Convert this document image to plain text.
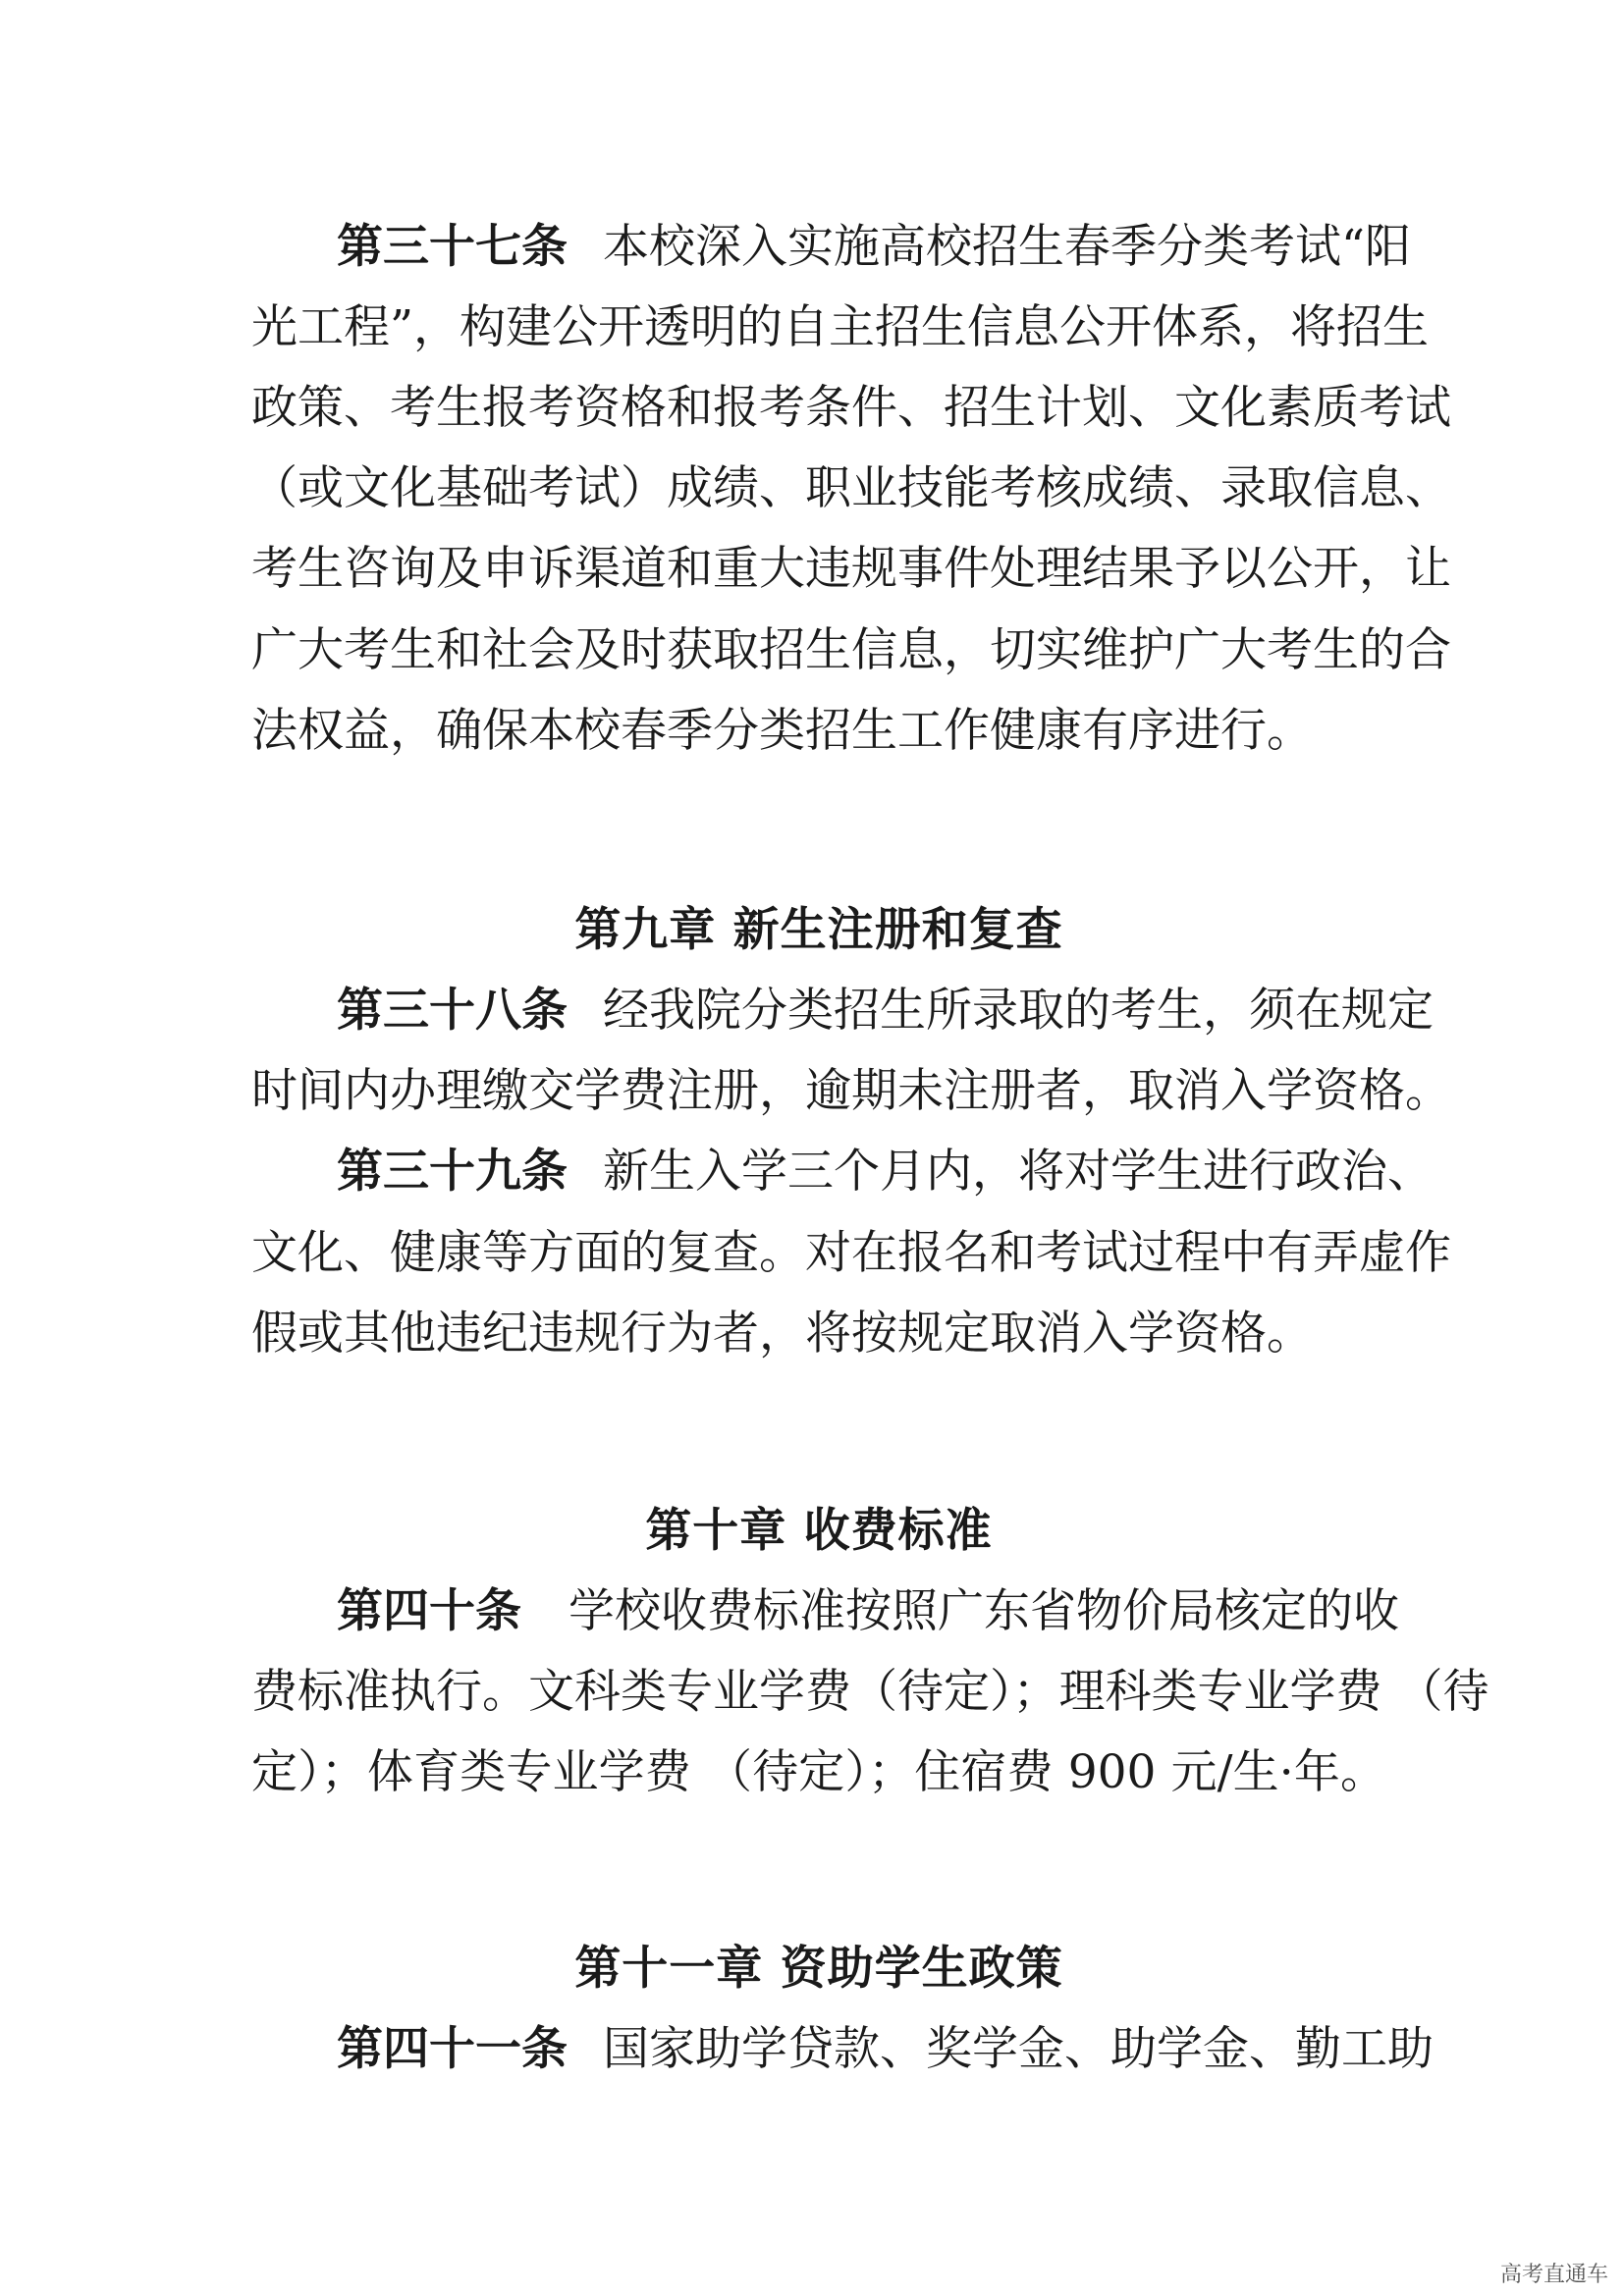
第三十七条 本校深入实施高校招生春季分类考试“阳
光工程”，构建公开透明的自主招生信息公开体系，将招生
政策、考生报考资格和报考条件、招生计划、文化素质考试
（或文化基础考试）成绩、职业技能考核成绩、录取信息、
考生咨询及申诉渠道和重大违规事件处理结果予以公开，让
广大考生和社会及时获取招生信息，切实维护广大考生的合
法权益，确保本校春季分类招生工作健康有序进行。
第九章 新生注册和复查
第三十八条 经我院分类招生所录取的考生，须在规定
时间内办理缴交学费注册，逾期未注册者，取消入学资格。
第三十九条 新生入学三个月内，将对学生进行政治、
文化、健康等方面的复查。对在报名和考试过程中有弄虚作
假或其他违纪违规行为者，将按规定取消入学资格。
第十章 收费标准
第四十条 学校收费标准按照广东省物价局核定的收
费标准执行。文科类专业学费（待定）；理科类专业学费 （待
定）；体育类专业学费 （待定）；住宿费 900 元/生·年。
第十一章 资助学生政策
第四十一条 国家助学贷款、奖学金、助学金、勤工助
高考直通车
